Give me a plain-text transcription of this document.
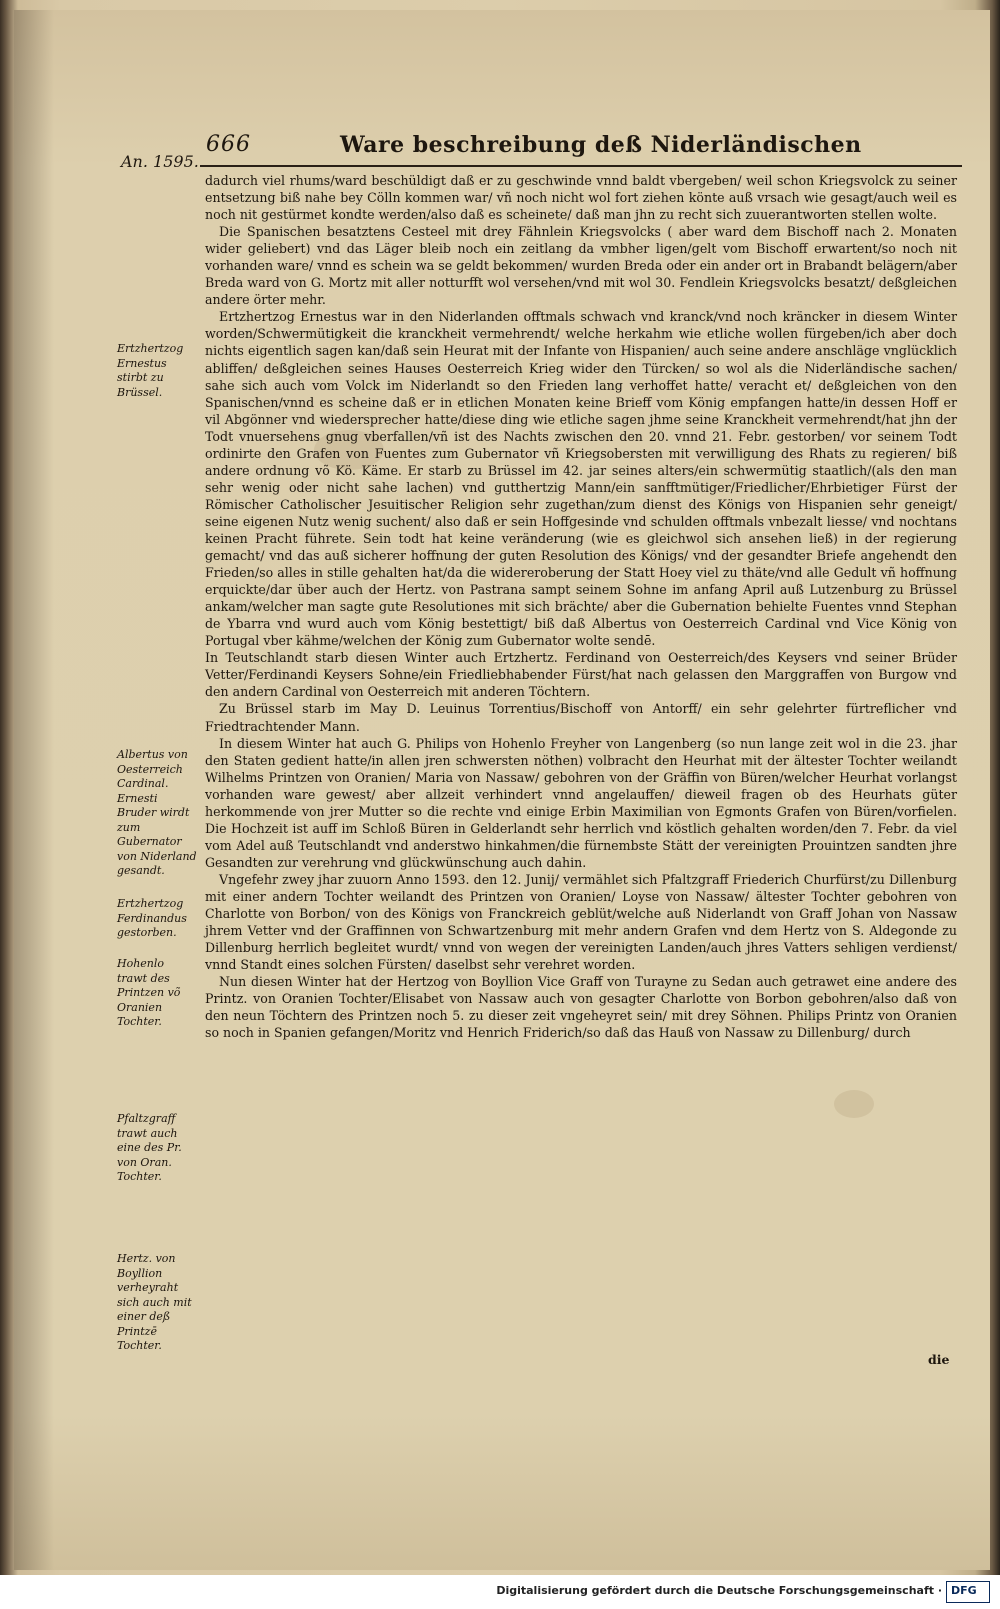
An. 1595.
666	Ware beschreibung deß Niderländischen

dadurch viel rhums/ward beschüldigt daß er zu geschwinde vnnd baldt vbergeben/ weil schon Kriegsvolck zu seiner entsetzung biß nahe bey Cölln kommen war/ vñ noch nicht wol fort ziehen könte auß vrsach wie gesagt/auch weil es noch nit gestürmet kondte werden/also daß es scheinete/ daß man jhn zu recht sich zuuerantworten stellen wolte.

Die Spanischen besatztens Cesteel mit drey Fähnlein Kriegsvolcks ( aber ward dem Bischoff nach 2. Monaten wider geliebert) vnd das Läger bleib noch ein zeitlang da vmbher ligen/gelt vom Bischoff erwartent/so noch nit vorhanden ware/ vnnd es schein wa se geldt bekommen/ wurden Breda oder ein ander ort in Brabandt belägern/aber Breda ward von G. Mortz mit aller notturfft wol versehen/vnd mit wol 30. Fendlein Kriegsvolcks besatzt/ deßgleichen andere örter mehr.

Ertzhertzog Ernestus war in den Niderlanden offtmals schwach vnd kranck/vnd noch kräncker in diesem Winter worden/Schwermütigkeit die kranckheit vermehrendt/ welche herkahm wie etliche wollen fürgeben/ich aber doch nichts eigentlich sagen kan/daß sein Heurat mit der Infante von Hispanien/ auch seine andere anschläge vnglücklich abliffen/ deßgleichen seines Hauses Oesterreich Krieg wider den Türcken/ so wol als die Niderländische sachen/ sahe sich auch vom Volck im Niderlandt so den Frieden lang verhoffet hatte/ veracht et/ deßgleichen von den Spanischen/vnnd es scheine daß er in etlichen Monaten keine Brieff vom König empfangen hatte/in dessen Hoff er vil Abgönner vnd wiedersprecher hatte/diese ding wie etliche sagen jhme seine Kranckheit vermehrendt/hat jhn der Todt vnuersehens gnug vberfallen/vñ ist des Nachts zwischen den 20. vnnd 21. Febr. gestorben/ vor seinem Todt ordinirte den Grafen von Fuentes zum Gubernator vñ Kriegsobersten mit verwilligung des Rhats zu regieren/ biß andere ordnung võ Kö. Käme. Er starb zu Brüssel im 42. jar seines alters/ein schwermütig staatlich/(als den man sehr wenig oder nicht sahe lachen) vnd gutthertzig Mann/ein sanfftmütiger/Friedlicher/Ehrbietiger Fürst der Römischer Catholischer Jesuitischer Religion sehr zugethan/zum dienst des Königs von Hispanien sehr geneigt/ seine eigenen Nutz wenig suchent/ also daß er sein Hoffgesinde vnd schulden offtmals vnbezalt liesse/ vnd nochtans keinen Pracht führete. Sein todt hat keine veränderung (wie es gleichwol sich ansehen ließ) in der regierung gemacht/ vnd das auß sicherer hoffnung der guten Resolution des Königs/ vnd der gesandter Briefe angehendt den Frieden/so alles in stille gehalten hat/da die widereroberung der Statt Hoey viel zu thäte/vnd alle Gedult vñ hoffnung erquickte/dar über auch der Hertz. von Pastrana sampt seinem Sohne im anfang April auß Lutzenburg zu Brüssel ankam/welcher man sagte gute Resolutiones mit sich brächte/ aber die Gubernation behielte Fuentes vnnd Stephan de Ybarra vnd wurd auch vom König bestettigt/ biß daß Albertus von Oesterreich Cardinal vnd Vice König von Portugal vber kähme/welchen der König zum Gubernator wolte sendē.

In Teutschlandt starb diesen Winter auch Ertzhertz. Ferdinand von Oesterreich/des Keysers vnd seiner Brüder Vetter/Ferdinandi Keysers Sohne/ein Friedliebhabender Fürst/hat nach gelassen den Marggraffen von Burgow vnd den andern Cardinal von Oesterreich mit anderen Töchtern.

Zu Brüssel starb im May D. Leuinus Torrentius/Bischoff von Antorff/ ein sehr gelehrter fürtreflicher vnd Friedtrachtender Mann.

In diesem Winter hat auch G. Philips von Hohenlo Freyher von Langenberg (so nun lange zeit wol in die 23. jhar den Staten gedient hatte/in allen jren schwersten nöthen) volbracht den Heurhat mit der ältester Tochter weilandt Wilhelms Printzen von Oranien/ Maria von Nassaw/ gebohren von der Gräffin von Büren/welcher Heurhat vorlangst vorhanden ware gewest/ aber allzeit verhindert vnnd angelauffen/ dieweil fragen ob des Heurhats güter herkommende von jrer Mutter so die rechte vnd einige Erbin Maximilian von Egmonts Grafen von Büren/vorfielen. Die Hochzeit ist auff im Schloß Büren in Gelderlandt sehr herrlich vnd köstlich gehalten worden/den 7. Febr. da viel vom Adel auß Teutschlandt vnd anderstwo hinkahmen/die fürnembste Stätt der vereinigten Prouintzen sandten jhre Gesandten zur verehrung vnd glückwünschung auch dahin.

Vngefehr zwey jhar zuuorn Anno 1593. den 12. Junij/ vermählet sich Pfaltzgraff Friederich Churfürst/zu Dillenburg mit einer andern Tochter weilandt des Printzen von Oranien/ Loyse von Nassaw/ ältester Tochter gebohren von Charlotte von Borbon/ von des Königs von Franckreich geblüt/welche auß Niderlandt von Graff Johan von Nassaw jhrem Vetter vnd der Graffinnen von Schwartzenburg mit mehr andern Grafen vnd dem Hertz von S. Aldegonde zu Dillenburg herrlich begleitet wurdt/ vnnd von wegen der vereinigten Landen/auch jhres Vatters sehligen verdienst/ vnnd Standt eines solchen Fürsten/ daselbst sehr verehret worden.

Nun diesen Winter hat der Hertzog von Boyllion Vice Graff von Turayne zu Sedan auch getrawet eine andere des Printz. von Oranien Tochter/Elisabet von Nassaw auch von gesagter Charlotte von Borbon gebohren/also daß von den neun Töchtern des Printzen noch 5. zu dieser zeit vngeheyret sein/ mit drey Söhnen. Philips Printz von Oranien so noch in Spanien gefangen/Moritz vnd Henrich Friderich/so daß das Hauß von Nassaw zu Dillenburg/ durch

die
Ertzhertzog Ernestus stirbt zu Brüssel.
Albertus von Oesterreich Cardinal. Ernesti Bruder wirdt zum Gubernator von Niderland gesandt.
Ertzhertzog Ferdinandus gestorben.
Hohenlo trawt des Printzen võ Oranien Tochter.
Pfaltzgraff trawt auch eine des Pr. von Oran. Tochter.
Hertz. von Boyllion verheyraht sich auch mit einer deß Printzē Tochter.
Digitalisierung gefördert durch die Deutsche Forschungsgemeinschaft · DFG
